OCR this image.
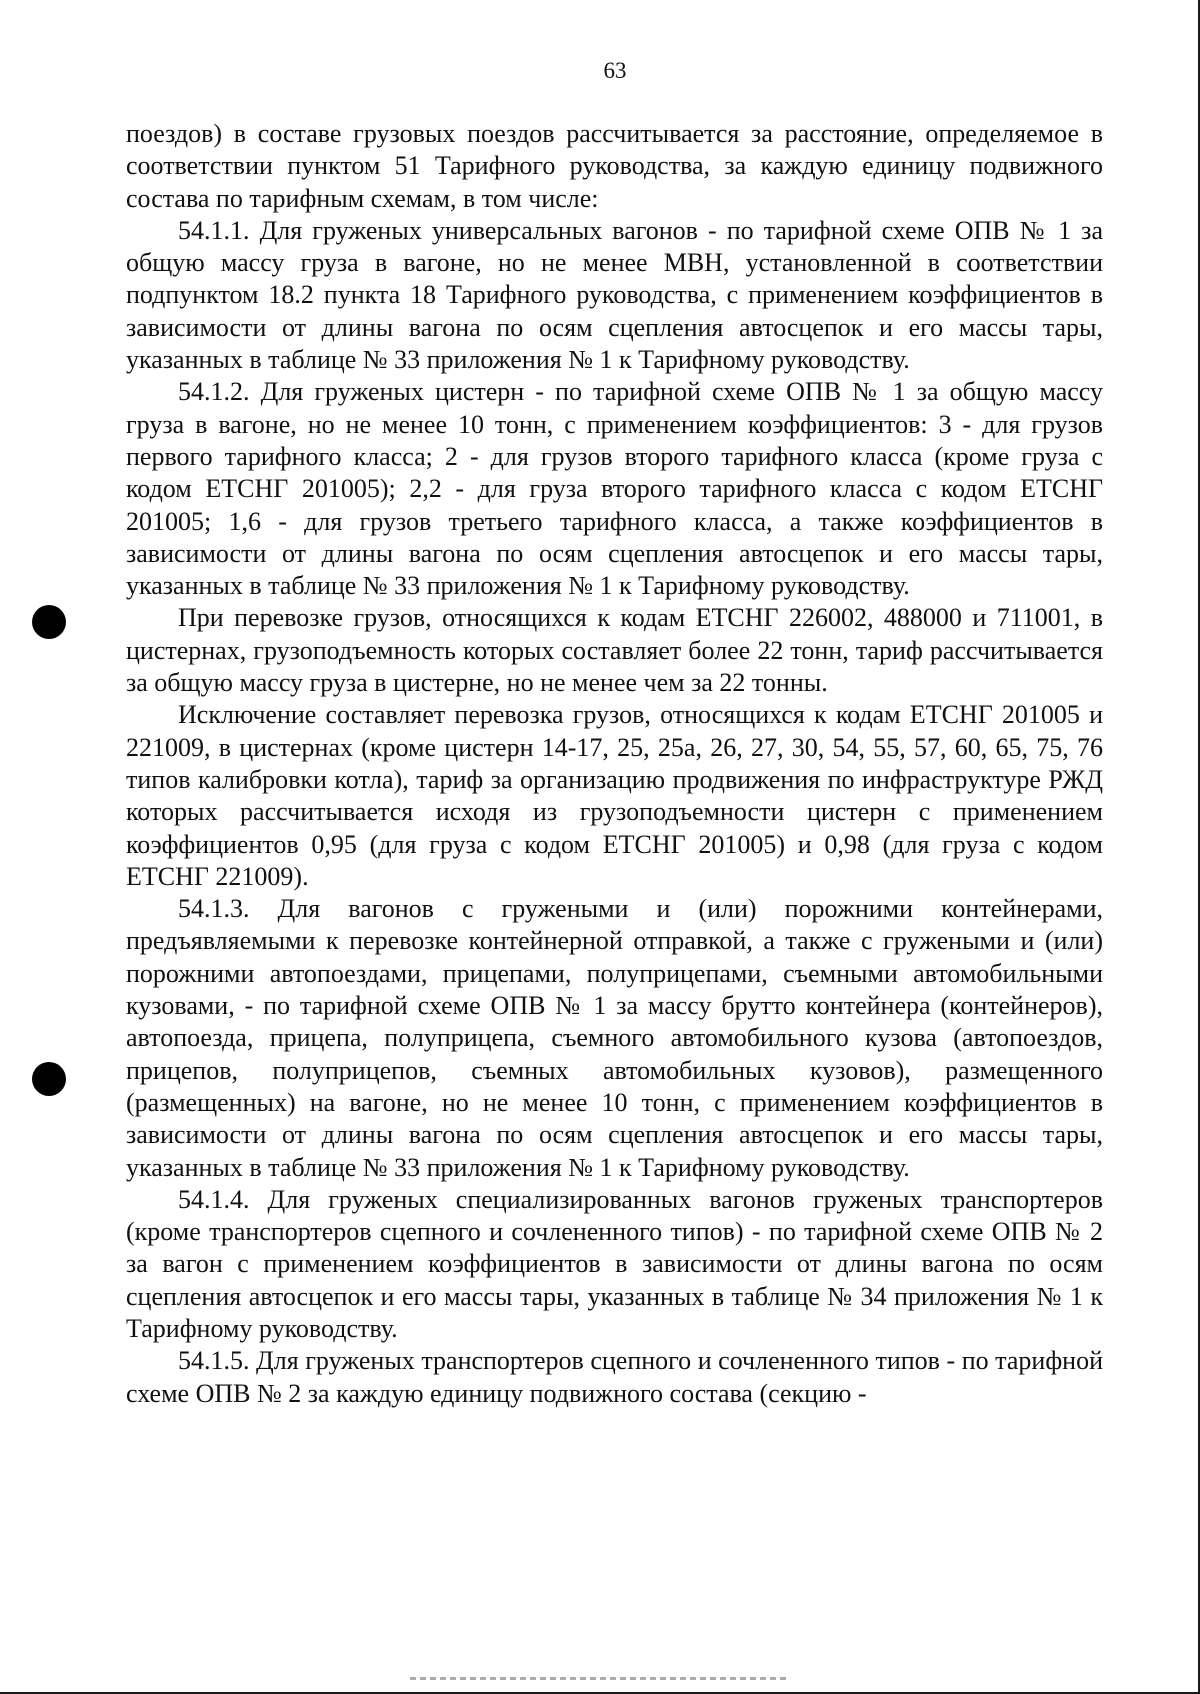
63

поездов) в составе грузовых поездов рассчитывается за расстояние, определяемое в соответствии пунктом 51 Тарифного руководства, за каждую единицу подвижного состава по тарифным схемам, в том числе:

54.1.1. Для груженых универсальных вагонов - по тарифной схеме ОПВ № 1 за общую массу груза в вагоне, но не менее МВН, установленной в соответствии подпунктом 18.2 пункта 18 Тарифного руководства, с применением коэффициентов в зависимости от длины вагона по осям сцепления автосцепок и его массы тары, указанных в таблице № 33 приложения № 1 к Тарифному руководству.

54.1.2. Для груженых цистерн - по тарифной схеме ОПВ № 1 за общую массу груза в вагоне, но не менее 10 тонн, с применением коэффициентов: 3 - для грузов первого тарифного класса; 2 - для грузов второго тарифного класса (кроме груза с кодом ЕТСНГ 201005); 2,2 - для груза второго тарифного класса с кодом ЕТСНГ 201005; 1,6 - для грузов третьего тарифного класса, а также коэффициентов в зависимости от длины вагона по осям сцепления автосцепок и его массы тары, указанных в таблице № 33 приложения № 1 к Тарифному руководству.

При перевозке грузов, относящихся к кодам ЕТСНГ 226002, 488000 и 711001, в цистернах, грузоподъемность которых составляет более 22 тонн, тариф рассчитывается за общую массу груза в цистерне, но не менее чем за 22 тонны.

Исключение составляет перевозка грузов, относящихся к кодам ЕТСНГ 201005 и 221009, в цистернах (кроме цистерн 14-17, 25, 25а, 26, 27, 30, 54, 55, 57, 60, 65, 75, 76 типов калибровки котла), тариф за организацию продвижения по инфраструктуре РЖД которых рассчитывается исходя из грузоподъемности цистерн с применением коэффициентов 0,95 (для груза с кодом ЕТСНГ 201005) и 0,98 (для груза с кодом ЕТСНГ 221009).

54.1.3. Для вагонов с гружеными и (или) порожними контейнерами, предъявляемыми к перевозке контейнерной отправкой, а также с гружеными и (или) порожними автопоездами, прицепами, полуприцепами, съемными автомобильными кузовами, - по тарифной схеме ОПВ № 1 за массу брутто контейнера (контейнеров), автопоезда, прицепа, полуприцепа, съемного автомобильного кузова (автопоездов, прицепов, полуприцепов, съемных автомобильных кузовов), размещенного (размещенных) на вагоне, но не менее 10 тонн, с применением коэффициентов в зависимости от длины вагона по осям сцепления автосцепок и его массы тары, указанных в таблице № 33 приложения № 1 к Тарифному руководству.

54.1.4. Для груженых специализированных вагонов груженых транспортеров (кроме транспортеров сцепного и сочлененного типов) - по тарифной схеме ОПВ № 2 за вагон с применением коэффициентов в зависимости от длины вагона по осям сцепления автосцепок и его массы тары, указанных в таблице № 34 приложения № 1 к Тарифному руководству.

54.1.5. Для груженых транспортеров сцепного и сочлененного типов - по тарифной схеме ОПВ № 2 за каждую единицу подвижного состава (секцию -
